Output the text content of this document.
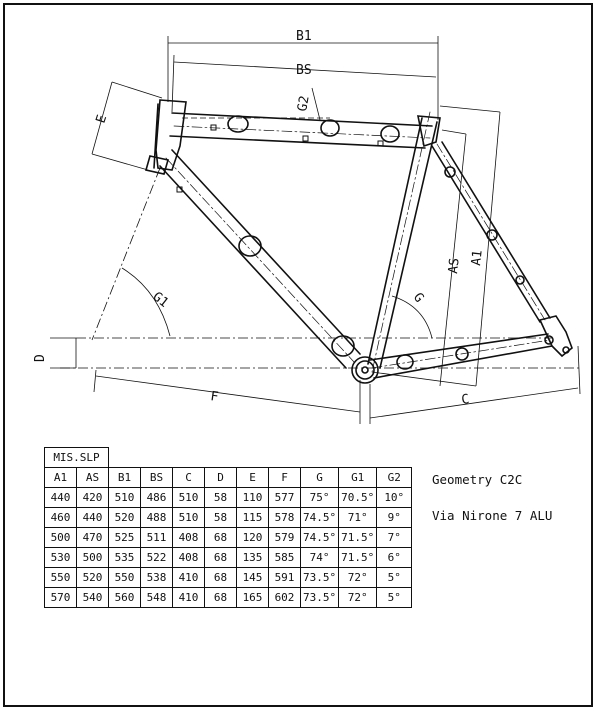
B1
BS
G2
E
G1
D
G
AS A1
F	C
MIS.SLP										
A1	AS	B1	BS	C	D	E	F	G	G1	G2
440	420	510	486	510	58	110	577	75°	70.5°	10°
460	440	520	488	510	58	115	578	74.5°	71°	9°
500	470	525	511	408	68	120	579	74.5°	71.5°	7°
530	500	535	522	408	68	135	585	74°	71.5°	6°
550	520	550	538	410	68	145	591	73.5°	72°	5°
570	540	560	548	410	68	165	602	73.5°	72°	5°
Geometry C2C
Via Nirone 7 ALU
